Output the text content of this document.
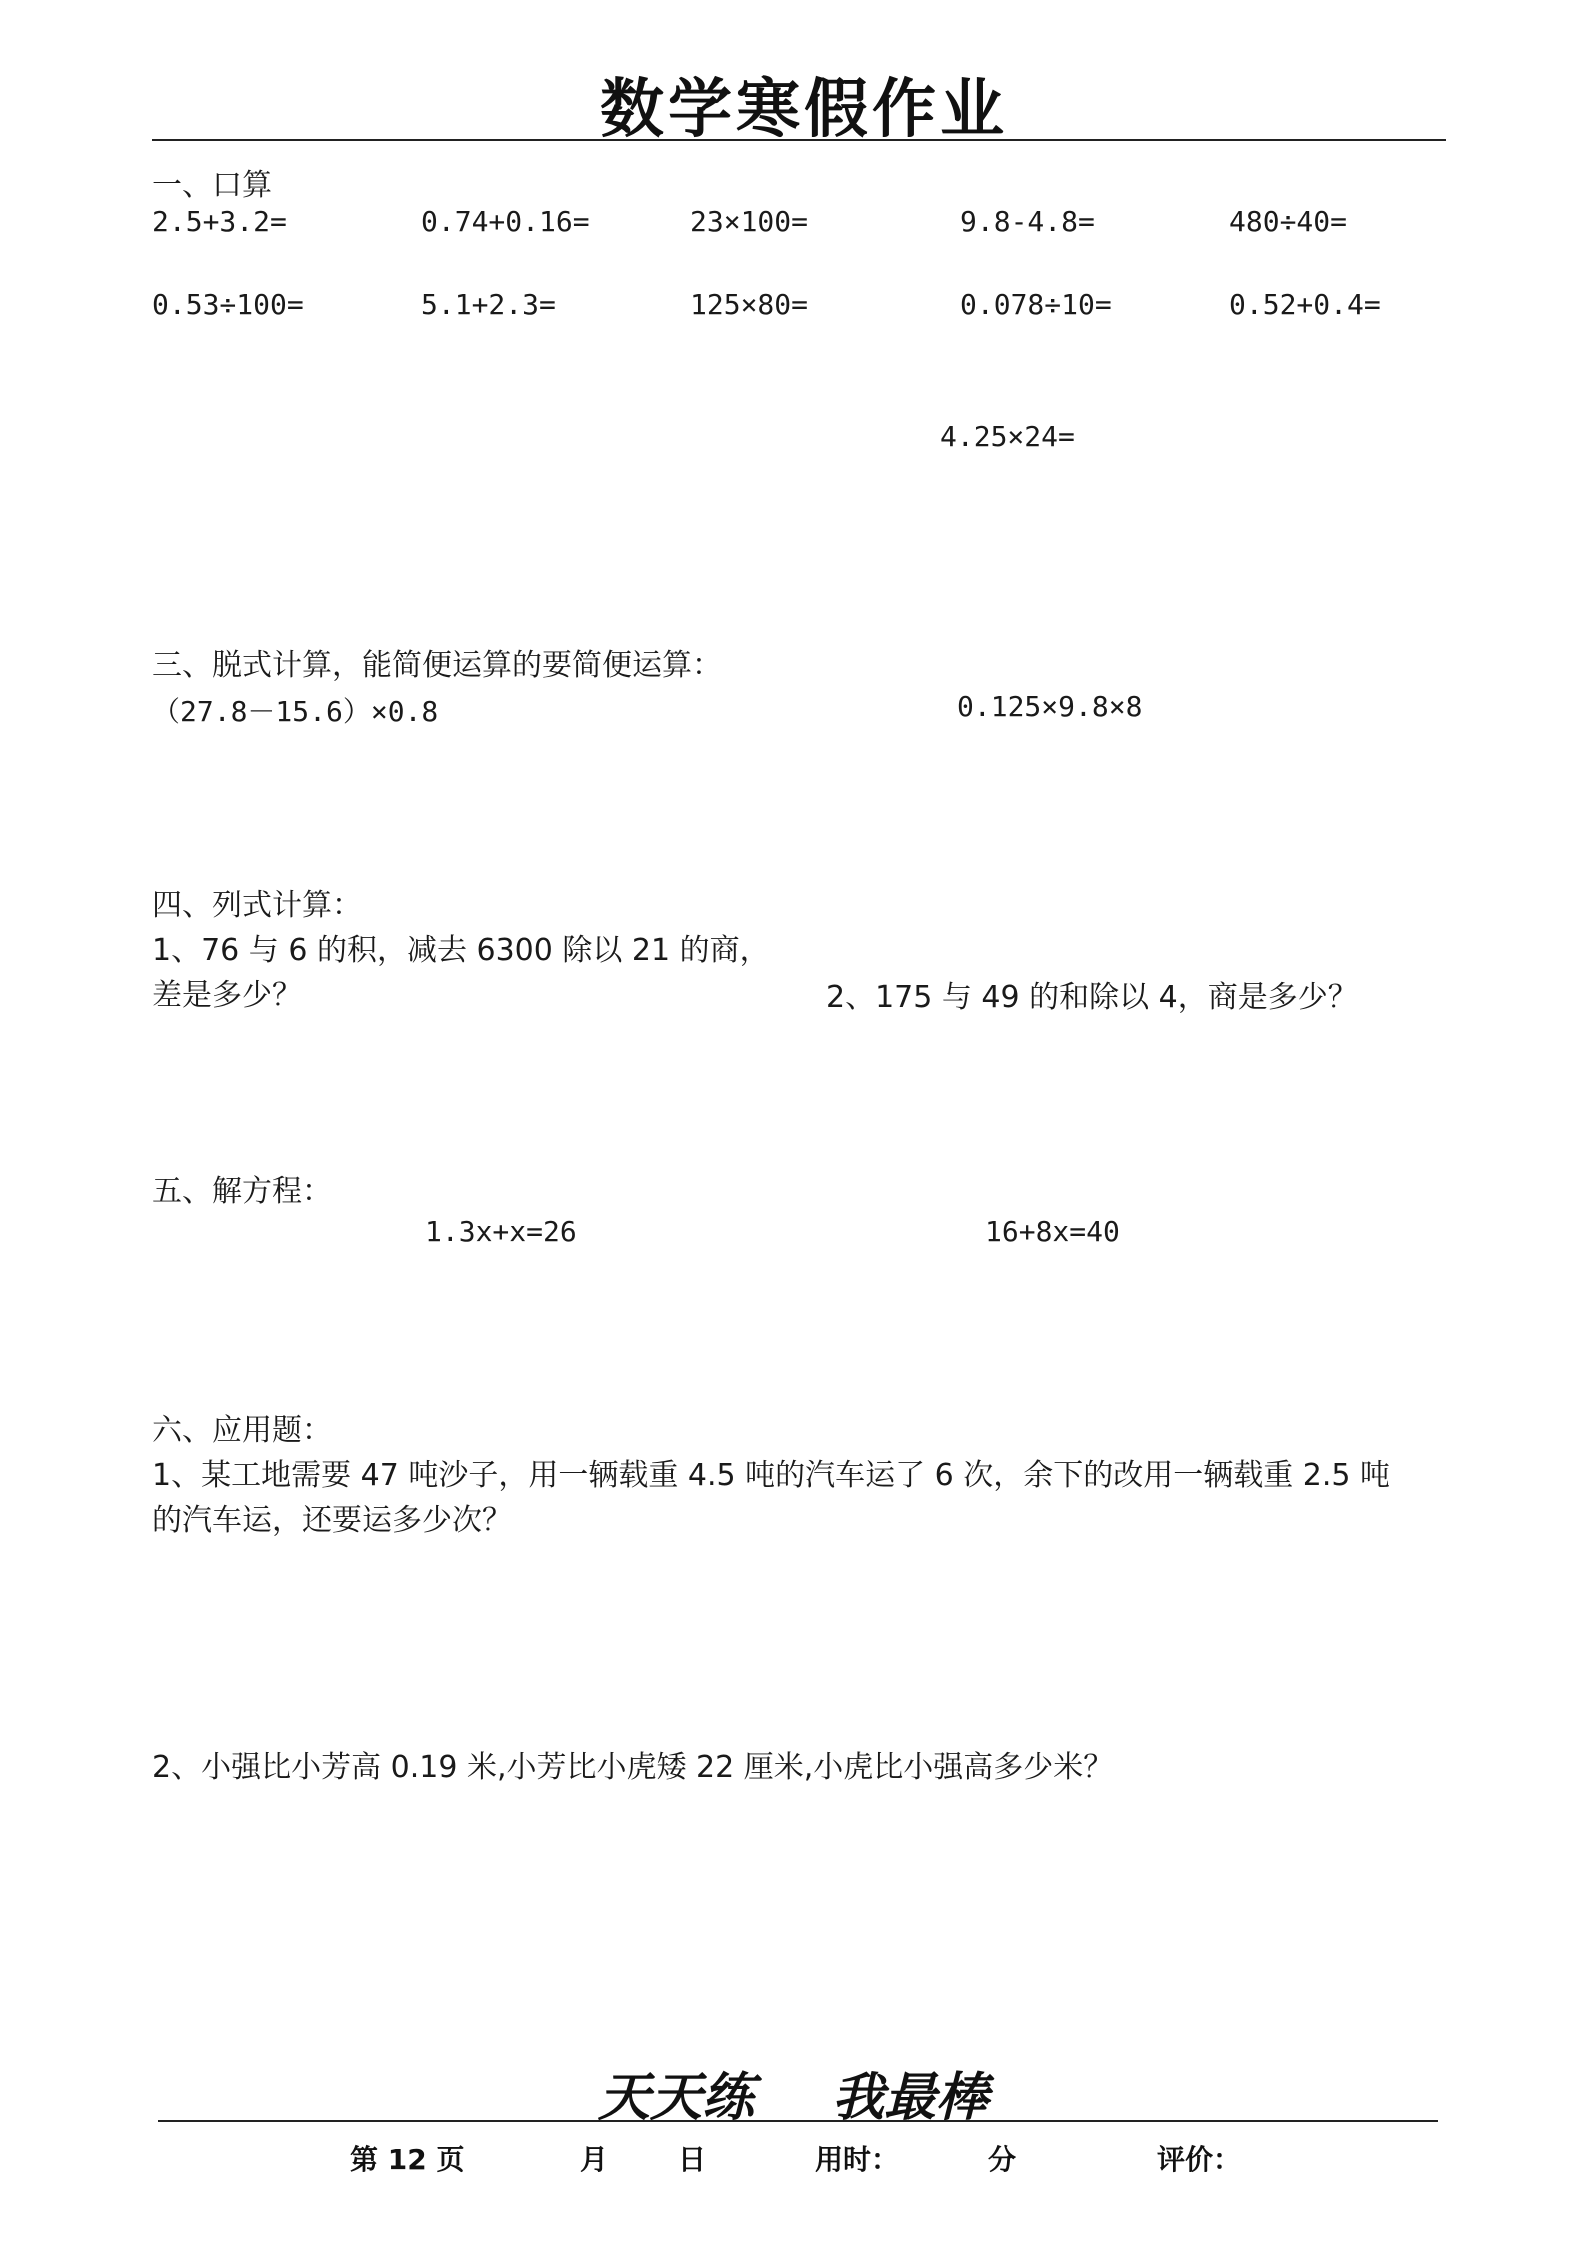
数学寒假作业
一、口算
2.5+3.2=	0.74+0.16=	23×100=	9.8-4.8=	480÷40=
0.53÷100=	5.1+2.3=	125×80=	0.078÷10=	0.52+0.4=
4.25×24=
三、脱式计算，能简便运算的要简便运算：
（27.8－15.6）×0.8	0.125×9.8×8
四、列式计算：
1、76 与 6 的积，减去 6300 除以 21 的商，
差是多少？	2、175 与 49 的和除以 4，商是多少？
五、解方程：
1.3x+x=26	16+8x=40
六、应用题：
1、某工地需要 47 吨沙子，用一辆载重 4.5 吨的汽车运了 6 次，余下的改用一辆载重 2.5 吨
的汽车运，还要运多少次？
2、小强比小芳高 0.19 米,小芳比小虎矮 22 厘米,小虎比小强高多少米？
天天练 我最棒
第 12 页	月 日	用时：	分	评价：
